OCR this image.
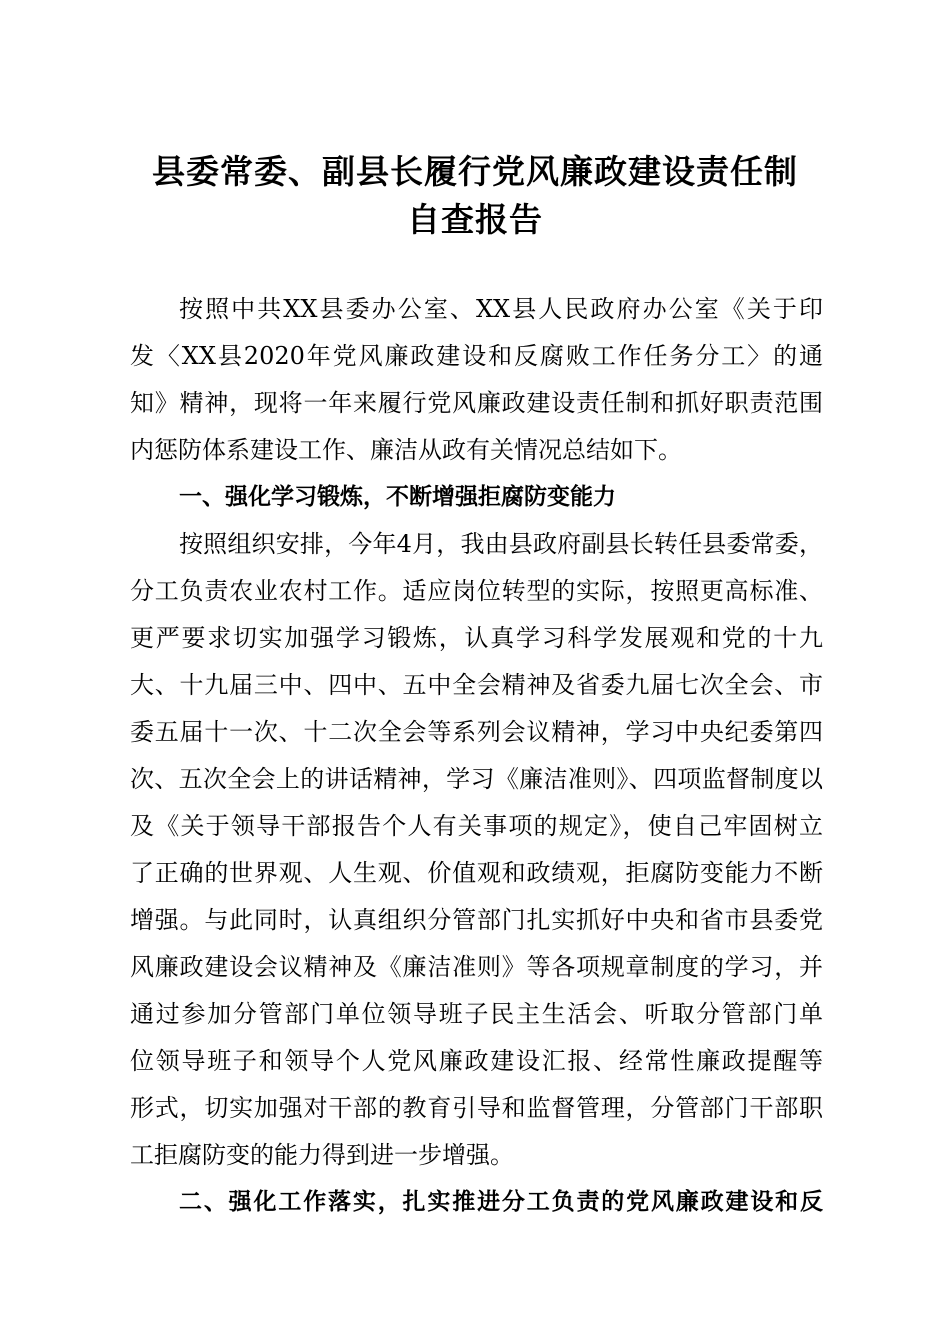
县委常委、副县长履行党风廉政建设责任制
自查报告

按照中共XX县委办公室、XX县人民政府办公室《关于印

发〈XX县2020年党风廉政建设和反腐败工作任务分工〉的通

知》精神，现将一年来履行党风廉政建设责任制和抓好职责范围

内惩防体系建设工作、廉洁从政有关情况总结如下。

一、强化学习锻炼，不断增强拒腐防变能力

按照组织安排，今年4月，我由县政府副县长转任县委常委，

分工负责农业农村工作。适应岗位转型的实际，按照更高标准、

更严要求切实加强学习锻炼，认真学习科学发展观和党的十九

大、十九届三中、四中、五中全会精神及省委九届七次全会、市

委五届十一次、十二次全会等系列会议精神，学习中央纪委第四

次、五次全会上的讲话精神，学习《廉洁准则》、四项监督制度以

及《关于领导干部报告个人有关事项的规定》，使自己牢固树立

了正确的世界观、人生观、价值观和政绩观，拒腐防变能力不断

增强。与此同时，认真组织分管部门扎实抓好中央和省市县委党

风廉政建设会议精神及《廉洁准则》等各项规章制度的学习，并

通过参加分管部门单位领导班子民主生活会、听取分管部门单

位领导班子和领导个人党风廉政建设汇报、经常性廉政提醒等

形式，切实加强对干部的教育引导和监督管理，分管部门干部职

工拒腐防变的能力得到进一步增强。

二、强化工作落实，扎实推进分工负责的党风廉政建设和反
